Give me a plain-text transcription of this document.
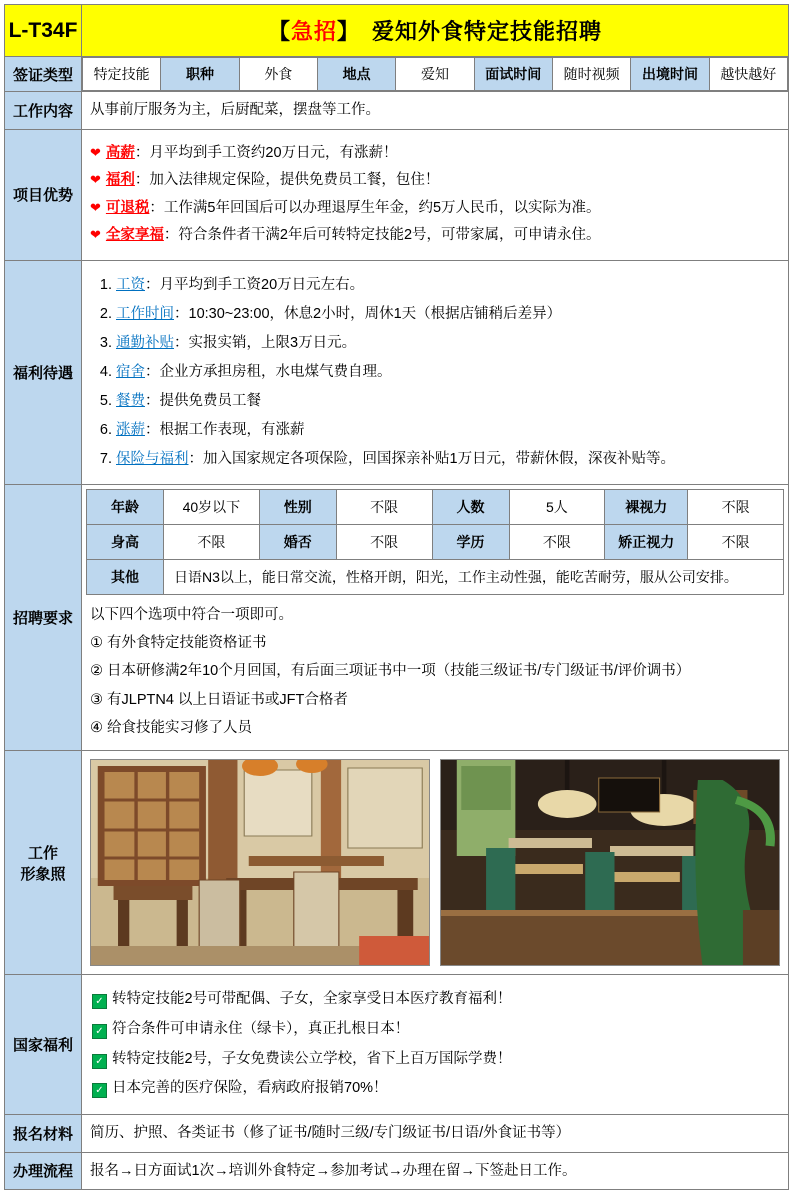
L-T34F	【急招】　爱知外食特定技能招聘
签证类型	特定技能	职种	外食	地点	爱知	面试时间	随时视频	出境时间	越快越好

工作内容	从事前厅服务为主，后厨配菜，摆盘等工作。
项目优势	
❤ 高薪：月平均到手工资约20万日元，有涨薪！
❤ 福利：加入法律规定保险，提供免费员工餐，包住！
❤ 可退税：工作满5年回国后可以办理退厚生年金，约5万人民币，以实际为准。
❤ 全家享福：符合条件者干满2年后可转特定技能2号，可带家属，可申请永住。

福利待遇	
1. 工资：月平均到手工资20万日元左右。
2. 工作时间：10:30~23:00，休息2小时，周休1天（根据店铺稍后差异）
3. 通勤补贴：实报实销，上限3万日元。
4. 宿舍：企业方承担房租，水电煤气费自理。
5. 餐费：提供免费员工餐
6. 涨薪：根据工作表现，有涨薪
7. 保险与福利：加入国家规定各项保险，回国探亲补贴1万日元，带薪休假，深夜补贴等。

招聘要求	
年龄	40岁以下	性别	不限	人数	5人	裸视力	不限
身高	不限	婚否	不限	学历	不限	矫正视力	不限
其他	日语N3以上，能日常交流，性格开朗，阳光，工作主动性强，能吃苦耐劳，服从公司安排。
以下四个选项中符合一项即可。
① 有外食特定技能资格证书
② 日本研修满2年10个月回国，有后面三项证书中一项（技能三级证书/专门级证书/评价调书）
③ 有JLPTN4 以上日语证书或JFT合格者
④ 给食技能实习修了人员

工作
形象照

国家福利	
✓ 转特定技能2号可带配偶、子女，全家享受日本医疗教育福利！
✓ 符合条件可申请永住（绿卡），真正扎根日本！
✓ 转特定技能2号，子女免费读公立学校，省下上百万国际学费！
✓ 日本完善的医疗保险，看病政府报销70%！

报名材料	简历、护照、各类证书（修了证书/随时三级/专门级证书/日语/外食证书等）
办理流程	报名→日方面试1次→培训外食特定→参加考试→办理在留→下签赴日工作。
